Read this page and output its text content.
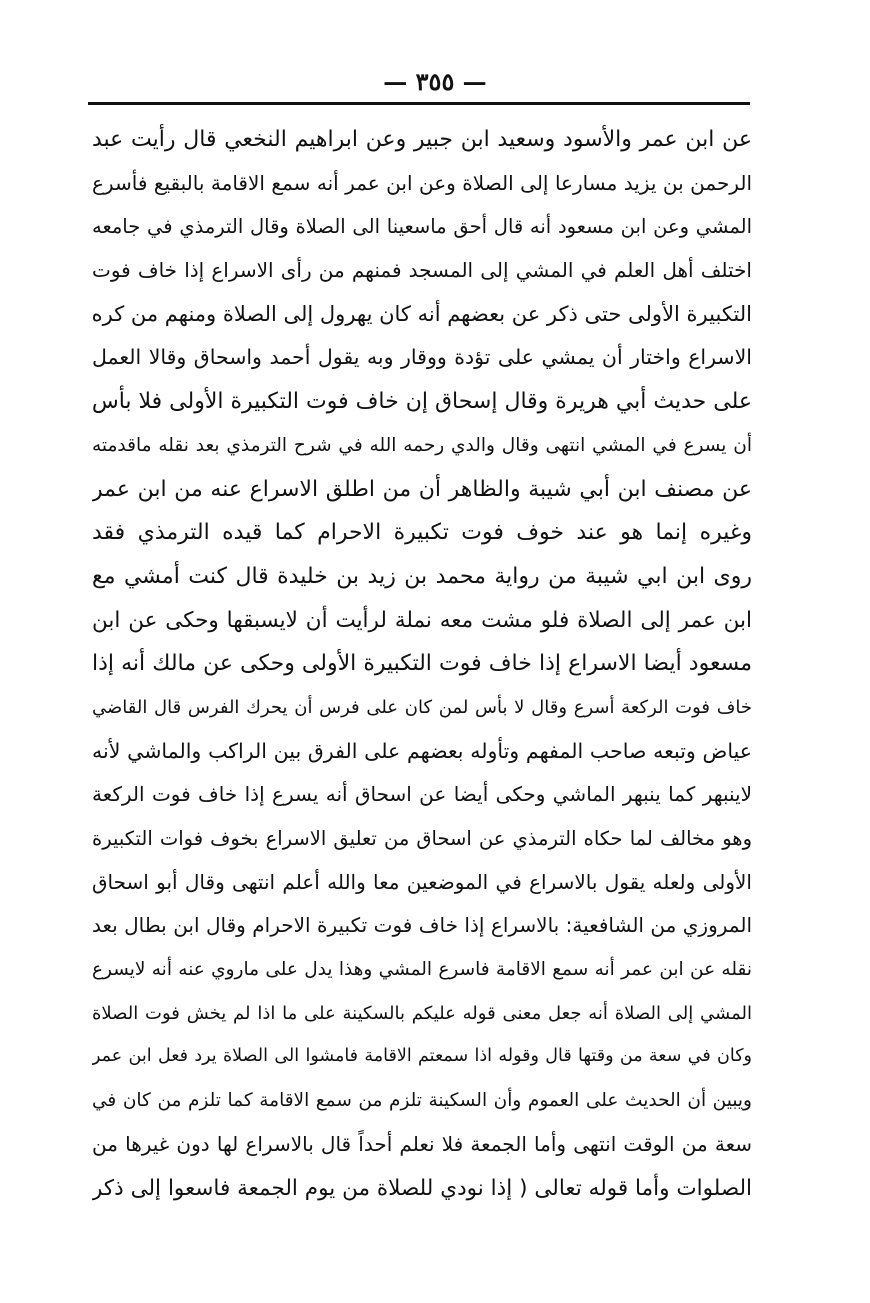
— ٣٥٥ —
عن ابن عمر والأسود وسعيد ابن جبير وعن ابراهيم النخعي قال رأيت عبد
الرحمن بن يزيد مسارعا إلى الصلاة وعن ابن عمر أنه سمع الاقامة بالبقيع فأسرع
المشي وعن ابن مسعود أنه قال أحق ماسعينا الى الصلاة وقال الترمذي في جامعه
اختلف أهل العلم في المشي إلى المسجد فمنهم من رأى الاسراع إذا خاف فوت
التكبيرة الأولى حتى ذكر عن بعضهم أنه كان يهرول إلى الصلاة ومنهم من كره
الاسراع واختار أن يمشي على تؤدة ووقار وبه يقول أحمد واسحاق وقالا العمل
على حديث أبي هريرة وقال إسحاق إن خاف فوت التكبيرة الأولى فلا بأس
أن يسرع في المشي انتهى وقال والدي رحمه الله في شرح الترمذي بعد نقله ماقدمته
عن مصنف ابن أبي شيبة والظاهر أن من اطلق الاسراع عنه من ابن عمر
وغيره إنما هو عند خوف فوت تكبيرة الاحرام كما قيده الترمذي فقد
روى ابن ابي شيبة من رواية محمد بن زيد بن خليدة قال كنت أمشي مع
ابن عمر إلى الصلاة فلو مشت معه نملة لرأيت أن لايسبقها وحكى عن ابن
مسعود أيضا الاسراع إذا خاف فوت التكبيرة الأولى وحكى عن مالك أنه إذا
خاف فوت الركعة أسرع وقال لا بأس لمن كان على فرس أن يحرك الفرس قال القاضي
عياض وتبعه صاحب المفهم وتأوله بعضهم على الفرق بين الراكب والماشي لأنه
لاينبهر كما ينبهر الماشي وحكى أيضا عن اسحاق أنه يسرع إذا خاف فوت الركعة
وهو مخالف لما حكاه الترمذي عن اسحاق من تعليق الاسراع بخوف فوات التكبيرة
الأولى ولعله يقول بالاسراع في الموضعين معا والله أعلم انتهى وقال أبو اسحاق
المروزي من الشافعية: بالاسراع إذا خاف فوت تكبيرة الاحرام وقال ابن بطال بعد
نقله عن ابن عمر أنه سمع الاقامة فاسرع المشي وهذا يدل على ماروي عنه أنه لايسرع
المشي إلى الصلاة أنه جعل معنى قوله عليكم بالسكينة على ما اذا لم يخش فوت الصلاة
وكان في سعة من وقتها قال وقوله اذا سمعتم الاقامة فامشوا الى الصلاة يرد فعل ابن عمر
ويبين أن الحديث على العموم وأن السكينة تلزم من سمع الاقامة كما تلزم من كان في
سعة من الوقت انتهى وأما الجمعة فلا نعلم أحداً قال بالاسراع لها دون غيرها من
الصلوات وأما قوله تعالى ( إذا نودي للصلاة من يوم الجمعة فاسعوا إلى ذكر
